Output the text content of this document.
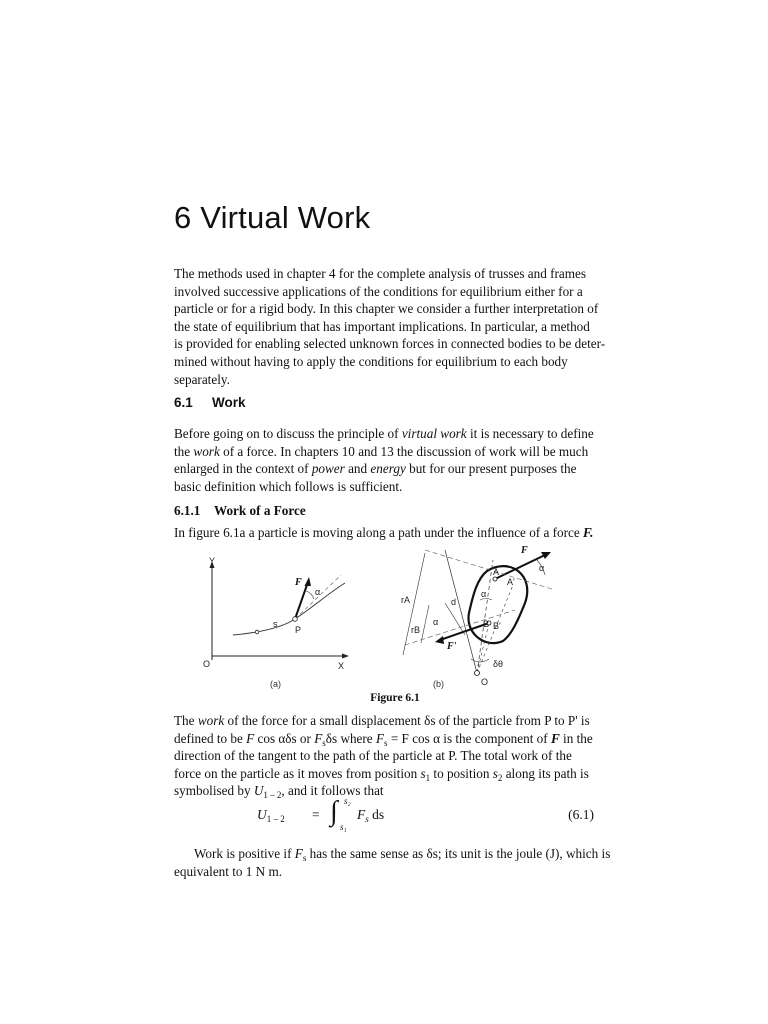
6 Virtual Work

The methods used in chapter 4 for the complete analysis of trusses and frames
involved successive applications of the conditions for equilibrium either for a
particle or for a rigid body. In this chapter we consider a further interpretation of
the state of equilibrium that has important implications. In particular, a method
is provided for enabling selected unknown forces in connected bodies to be deter-
mined without having to apply the conditions for equilibrium to each body
separately.

6.1 Work

Before going on to discuss the principle of virtual work it is necessary to define
the work of a force. In chapters 10 and 13 the discussion of work will be much
enlarged in the context of power and energy but for our present purposes the
basic definition which follows is sufficient.

6.1.1 Work of a Force

In figure 6.1a a particle is moving along a path under the influence of a force F.

Y
X
O
F
α
s
P
(a)
F
F'
α
α
α
A
A'
B B'
d
rA
rB
δθ
O
(b)

Figure 6.1

The work of the force for a small displacement δs of the particle from P to P' is
defined to be F cos αδs or $F_s\delta s$ where $F_s = F$ cos α is the component of F in the
direction of the tangent to the path of the particle at P. The total work of the
force on the particle as it moves from position $s_1$ to position $s_2$ along its path is
symbolised by $U_{1 - 2}$, and it follows that

$U_{1 - 2}$ = ∫ s₂
s₁
$F_s$ ds	(6.1)

Work is positive if $F_s$ has the same sense as δs; its unit is the joule (J), which is
equivalent to 1 N m.
